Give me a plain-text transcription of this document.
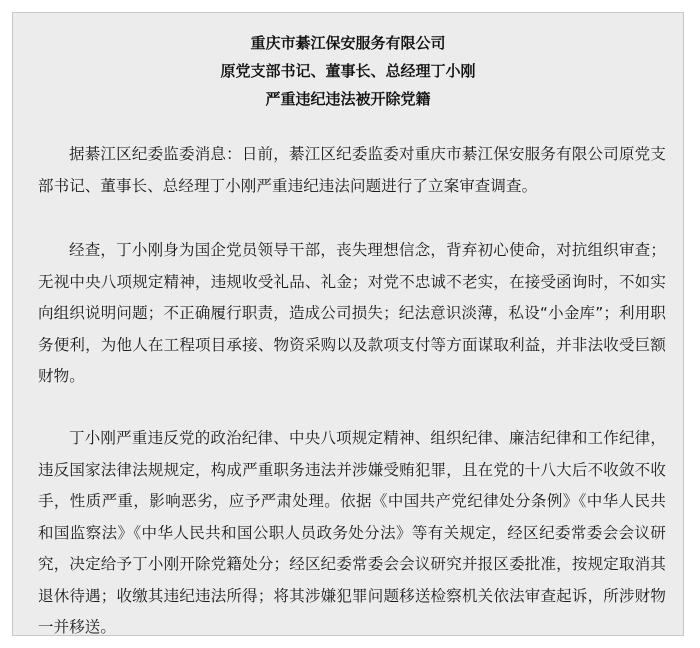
重庆市綦江保安服务有限公司
原党支部书记、董事长、总经理丁小刚
严重违纪违法被开除党籍

据綦江区纪委监委消息：日前，綦江区纪委监委对重庆市綦江保安服务有限公司原党支部书记、董事长、总经理丁小刚严重违纪违法问题进行了立案审查调查。

经查，丁小刚身为国企党员领导干部，丧失理想信念，背弃初心使命，对抗组织审查；无视中央八项规定精神，违规收受礼品、礼金；对党不忠诚不老实，在接受函询时，不如实向组织说明问题；不正确履行职责，造成公司损失；纪法意识淡薄，私设“小金库”；利用职务便利，为他人在工程项目承接、物资采购以及款项支付等方面谋取利益，并非法收受巨额财物。

丁小刚严重违反党的政治纪律、中央八项规定精神、组织纪律、廉洁纪律和工作纪律，违反国家法律法规规定，构成严重职务违法并涉嫌受贿犯罪，且在党的十八大后不收敛不收手，性质严重，影响恶劣，应予严肃处理。依据《中国共产党纪律处分条例》《中华人民共和国监察法》《中华人民共和国公职人员政务处分法》等有关规定，经区纪委常委会会议研究，决定给予丁小刚开除党籍处分；经区纪委常委会会议研究并报区委批准，按规定取消其退休待遇；收缴其违纪违法所得；将其涉嫌犯罪问题移送检察机关依法审查起诉，所涉财物一并移送。
